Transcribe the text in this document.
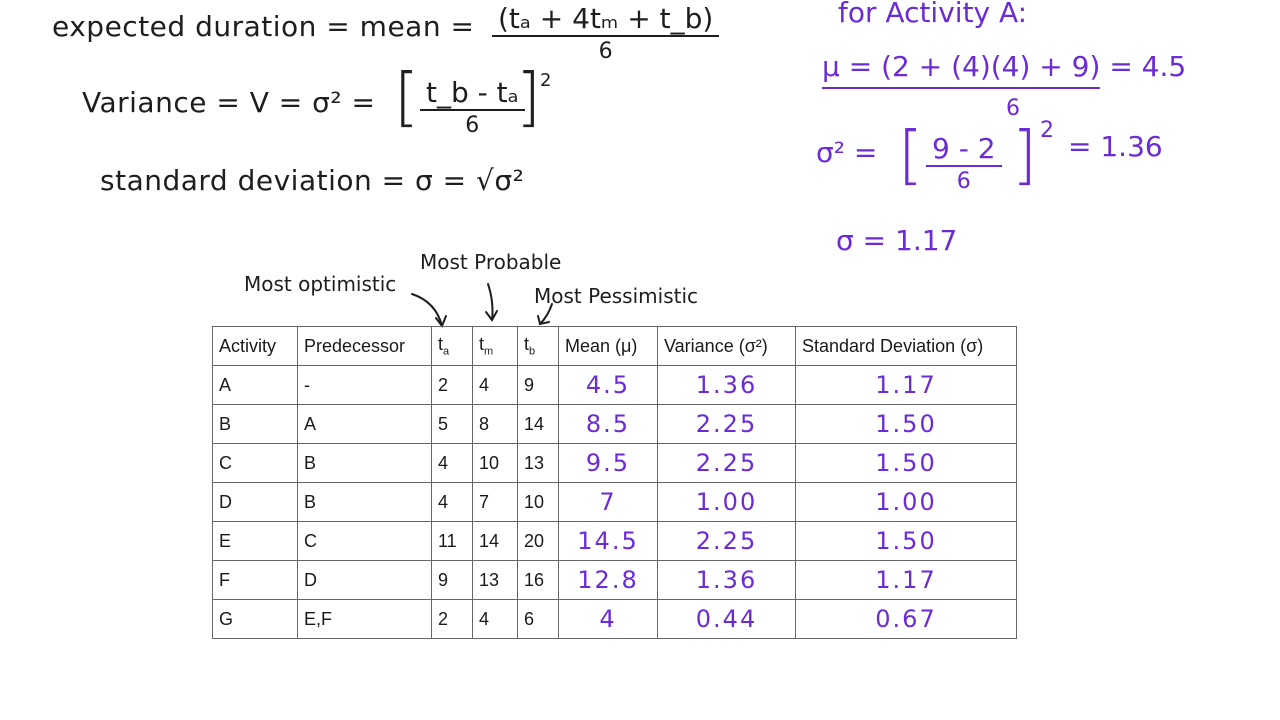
expected duration = mean = (tₐ + 4tₘ + t_b)
6
Variance = V = σ² = [ t_b - tₐ
6 ] 2
standard deviation = σ = √σ²
for Activity A:
μ = (2 + (4)(4) + 9) = 4.5
6
σ² = [ 9 - 2
6 ] 2 = 1.36
σ = 1.17
Most optimistic
Most Probable
Most Pessimistic
Activity	Predecessor	$t_a$	$t_m$	$t_b$	Mean (μ)	Variance (σ²)	Standard Deviation (σ)
A	-	2	4	9	4.5	1.36	1.17
B	A	5	8	14	8.5	2.25	1.50
C	B	4	10	13	9.5	2.25	1.50
D	B	4	7	10	7	1.00	1.00
E	C	11	14	20	14.5	2.25	1.50
F	D	9	13	16	12.8	1.36	1.17
G	E,F	2	4	6	4	0.44	0.67
